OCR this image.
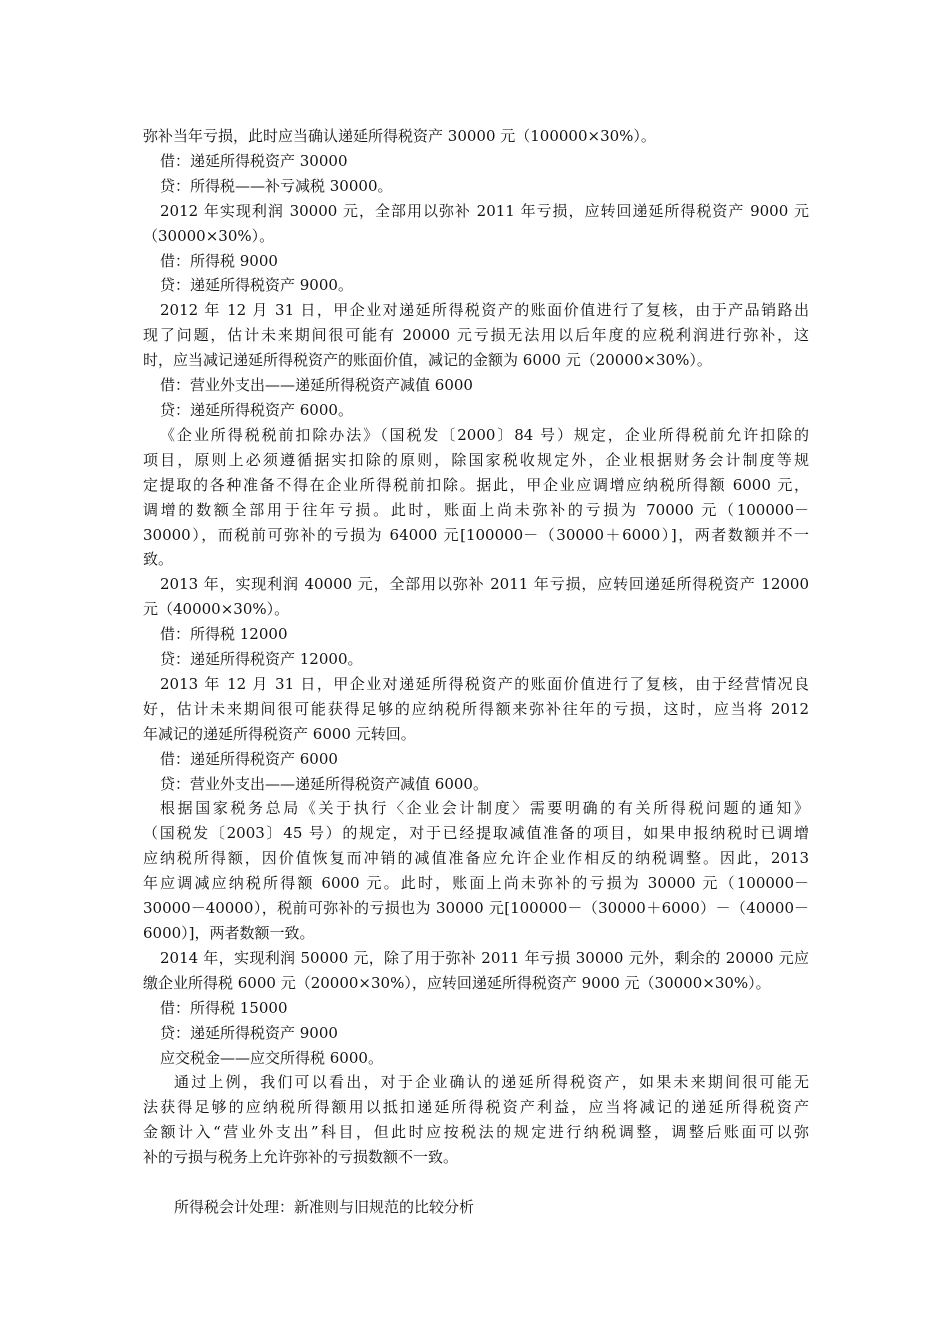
弥补当年亏损，此时应当确认递延所得税资产 30000 元（100000×30%）。
借：递延所得税资产 30000
贷：所得税——补亏减税 30000。
2012 年实现利润 30000 元，全部用以弥补 2011 年亏损，应转回递延所得税资产 9000 元
（30000×30%）。
借：所得税 9000
贷：递延所得税资产 9000。
2012 年 12 月 31 日，甲企业对递延所得税资产的账面价值进行了复核，由于产品销路出
现了问题，估计未来期间很可能有 20000 元亏损无法用以后年度的应税利润进行弥补，这
时，应当减记递延所得税资产的账面价值，减记的金额为 6000 元（20000×30%）。
借：营业外支出——递延所得税资产减值 6000
贷：递延所得税资产 6000。
《企业所得税税前扣除办法》（国税发〔2000〕84 号）规定，企业所得税前允许扣除的
项目，原则上必须遵循据实扣除的原则，除国家税收规定外，企业根据财务会计制度等规
定提取的各种准备不得在企业所得税前扣除。据此，甲企业应调增应纳税所得额 6000 元，
调增的数额全部用于往年亏损。此时，账面上尚未弥补的亏损为 70000 元（100000－
30000），而税前可弥补的亏损为 64000 元[100000－（30000＋6000）]，两者数额并不一
致。
2013 年，实现利润 40000 元，全部用以弥补 2011 年亏损，应转回递延所得税资产 12000
元（40000×30%）。
借：所得税 12000
贷：递延所得税资产 12000。
2013 年 12 月 31 日，甲企业对递延所得税资产的账面价值进行了复核，由于经营情况良
好，估计未来期间很可能获得足够的应纳税所得额来弥补往年的亏损，这时，应当将 2012
年减记的递延所得税资产 6000 元转回。
借：递延所得税资产 6000
贷：营业外支出——递延所得税资产减值 6000。
根据国家税务总局《关于执行〈企业会计制度〉需要明确的有关所得税问题的通知》
（国税发〔2003〕45 号）的规定，对于已经提取减值准备的项目，如果申报纳税时已调增
应纳税所得额，因价值恢复而冲销的减值准备应允许企业作相反的纳税调整。因此，2013
年应调减应纳税所得额 6000 元。此时，账面上尚未弥补的亏损为 30000 元（100000－
30000－40000），税前可弥补的亏损也为 30000 元[100000－（30000＋6000）－（40000－
6000）]，两者数额一致。
2014 年，实现利润 50000 元，除了用于弥补 2011 年亏损 30000 元外，剩余的 20000 元应
缴企业所得税 6000 元（20000×30%），应转回递延所得税资产 9000 元（30000×30%）。
借：所得税 15000
贷：递延所得税资产 9000
应交税金——应交所得税 6000。
通过上例，我们可以看出，对于企业确认的递延所得税资产，如果未来期间很可能无
法获得足够的应纳税所得额用以抵扣递延所得税资产利益，应当将减记的递延所得税资产
金额计入“营业外支出”科目，但此时应按税法的规定进行纳税调整，调整后账面可以弥
补的亏损与税务上允许弥补的亏损数额不一致。
所得税会计处理：新准则与旧规范的比较分析
